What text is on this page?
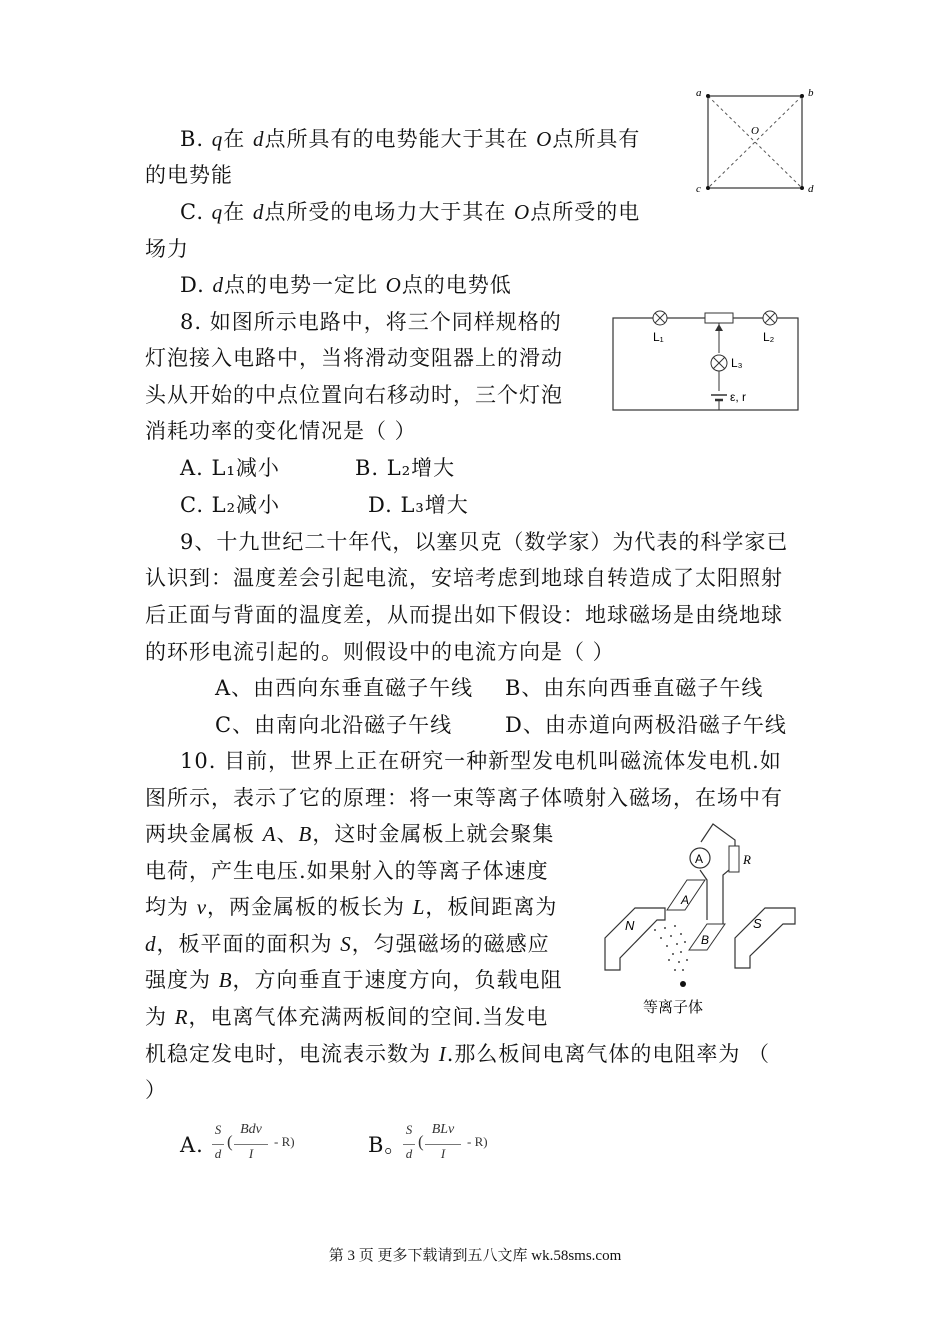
B. q在 d点所具有的电势能大于其在 O点所具有
的电势能
C. q在 d点所受的电场力大于其在 O点所受的电
场力
D. d点的电势一定比 O点的电势低
a	b
c	d
O
8. 如图所示电路中，将三个同样规格的
灯泡接入电路中，当将滑动变阻器上的滑动
头从开始的中点位置向右移动时，三个灯泡
消耗功率的变化情况是（ ）
A. L₁减小	B. L₂增大
C. L₂减小	D. L₃增大
L₁	L₂
L₃
ε, r
9、十九世纪二十年代，以塞贝克（数学家）为代表的科学家已
认识到：温度差会引起电流，安培考虑到地球自转造成了太阳照射
后正面与背面的温度差，从而提出如下假设：地球磁场是由绕地球
的环形电流引起的。则假设中的电流方向是（ ）
A、由西向东垂直磁子午线 B、由东向西垂直磁子午线
C、由南向北沿磁子午线	D、由赤道向两极沿磁子午线
10. 目前，世界上正在研究一种新型发电机叫磁流体发电机.如
图所示，表示了它的原理：将一束等离子体喷射入磁场，在场中有
两块金属板 A、B，这时金属板上就会聚集
电荷，产生电压.如果射入的等离子体速度
均为 v，两金属板的板长为 L，板间距离为
d，板平面的面积为 S，匀强磁场的磁感应
强度为 B，方向垂直于速度方向，负载电阻
为 R，电离气体充满两板间的空间.当发电
机稳定发电时，电流表示数为 I.那么板间电离气体的电阻率为 （
）
A	R
N	S
A
B
等离子体
A.
S
d
(
Bdv
I
- R)	B。
S
d
(
BLv
I
- R)
第 3 页 更多下载请到五八文库 wk.58sms.com
